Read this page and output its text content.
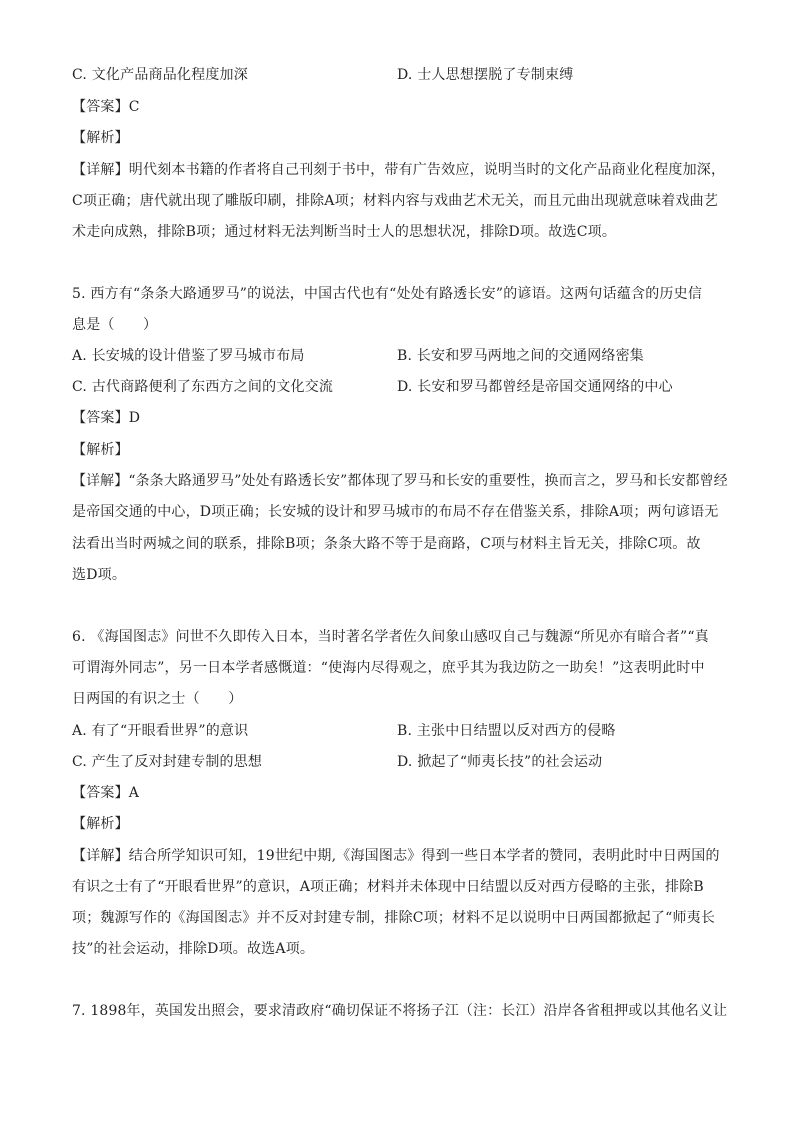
C. 文化产品商品化程度加深	D. 士人思想摆脱了专制束缚
【答案】C
【解析】
【详解】明代刻本书籍的作者将自己刊刻于书中，带有广告效应，说明当时的文化产品商业化程度加深，
C项正确；唐代就出现了雕版印刷，排除A项；材料内容与戏曲艺术无关，而且元曲出现就意味着戏曲艺
术走向成熟，排除B项；通过材料无法判断当时士人的思想状况，排除D项。故选C项。
5. 西方有“条条大路通罗马”的说法，中国古代也有“处处有路透长安”的谚语。这两句话蕴含的历史信
息是（　　）
A. 长安城的设计借鉴了罗马城市布局	B. 长安和罗马两地之间的交通网络密集
C. 古代商路便利了东西方之间的文化交流	D. 长安和罗马都曾经是帝国交通网络的中心
【答案】D
【解析】
【详解】“条条大路通罗马”处处有路透长安”都体现了罗马和长安的重要性，换而言之，罗马和长安都曾经
是帝国交通的中心，D项正确；长安城的设计和罗马城市的布局不存在借鉴关系，排除A项；两句谚语无
法看出当时两城之间的联系，排除B项；条条大路不等于是商路，C项与材料主旨无关，排除C项。故
选D项。
6. 《海国图志》问世不久即传入日本，当时著名学者佐久间象山感叹自己与魏源“所见亦有暗合者”“真
可谓海外同志”，另一日本学者感慨道：“使海内尽得观之，庶乎其为我边防之一助矣！”这表明此时中
日两国的有识之士（　　）
A. 有了“开眼看世界”的意识	B. 主张中日结盟以反对西方的侵略
C. 产生了反对封建专制的思想	D. 掀起了“师夷长技”的社会运动
【答案】A
【解析】
【详解】结合所学知识可知，19世纪中期,《海国图志》得到一些日本学者的赞同，表明此时中日两国的
有识之士有了“开眼看世界”的意识，A项正确；材料并未体现中日结盟以反对西方侵略的主张，排除B
项；魏源写作的《海国图志》并不反对封建专制，排除C项；材料不足以说明中日两国都掀起了“师夷长
技”的社会运动，排除D项。故选A项。
7. 1898年，英国发出照会，要求清政府“确切保证不将扬子江（注：长江）沿岸各省租押或以其他名义让
